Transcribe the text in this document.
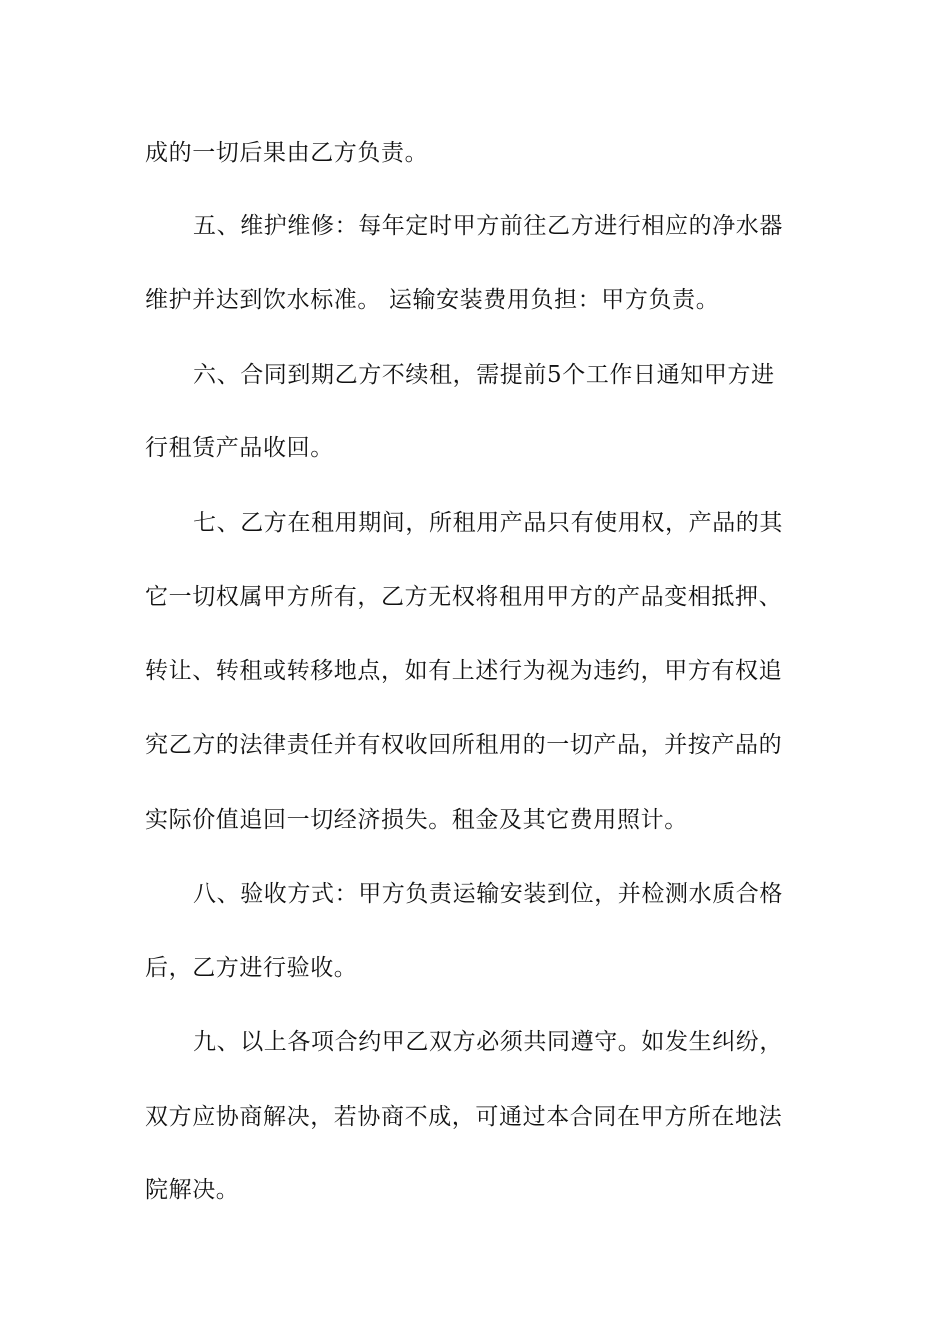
成的一切后果由乙方负责。
五、维护维修：每年定时甲方前往乙方进行相应的净水器
维护并达到饮水标准。 运输安装费用负担：甲方负责。
六、合同到期乙方不续租，需提前5个工作日通知甲方进
行租赁产品收回。
七、乙方在租用期间，所租用产品只有使用权，产品的其
它一切权属甲方所有，乙方无权将租用甲方的产品变相抵押、
转让、转租或转移地点，如有上述行为视为违约，甲方有权追
究乙方的法律责任并有权收回所租用的一切产品，并按产品的
实际价值追回一切经济损失。租金及其它费用照计。
八、验收方式：甲方负责运输安装到位，并检测水质合格
后，乙方进行验收。
九、以上各项合约甲乙双方必须共同遵守。如发生纠纷，
双方应协商解决，若协商不成，可通过本合同在甲方所在地法
院解决。
